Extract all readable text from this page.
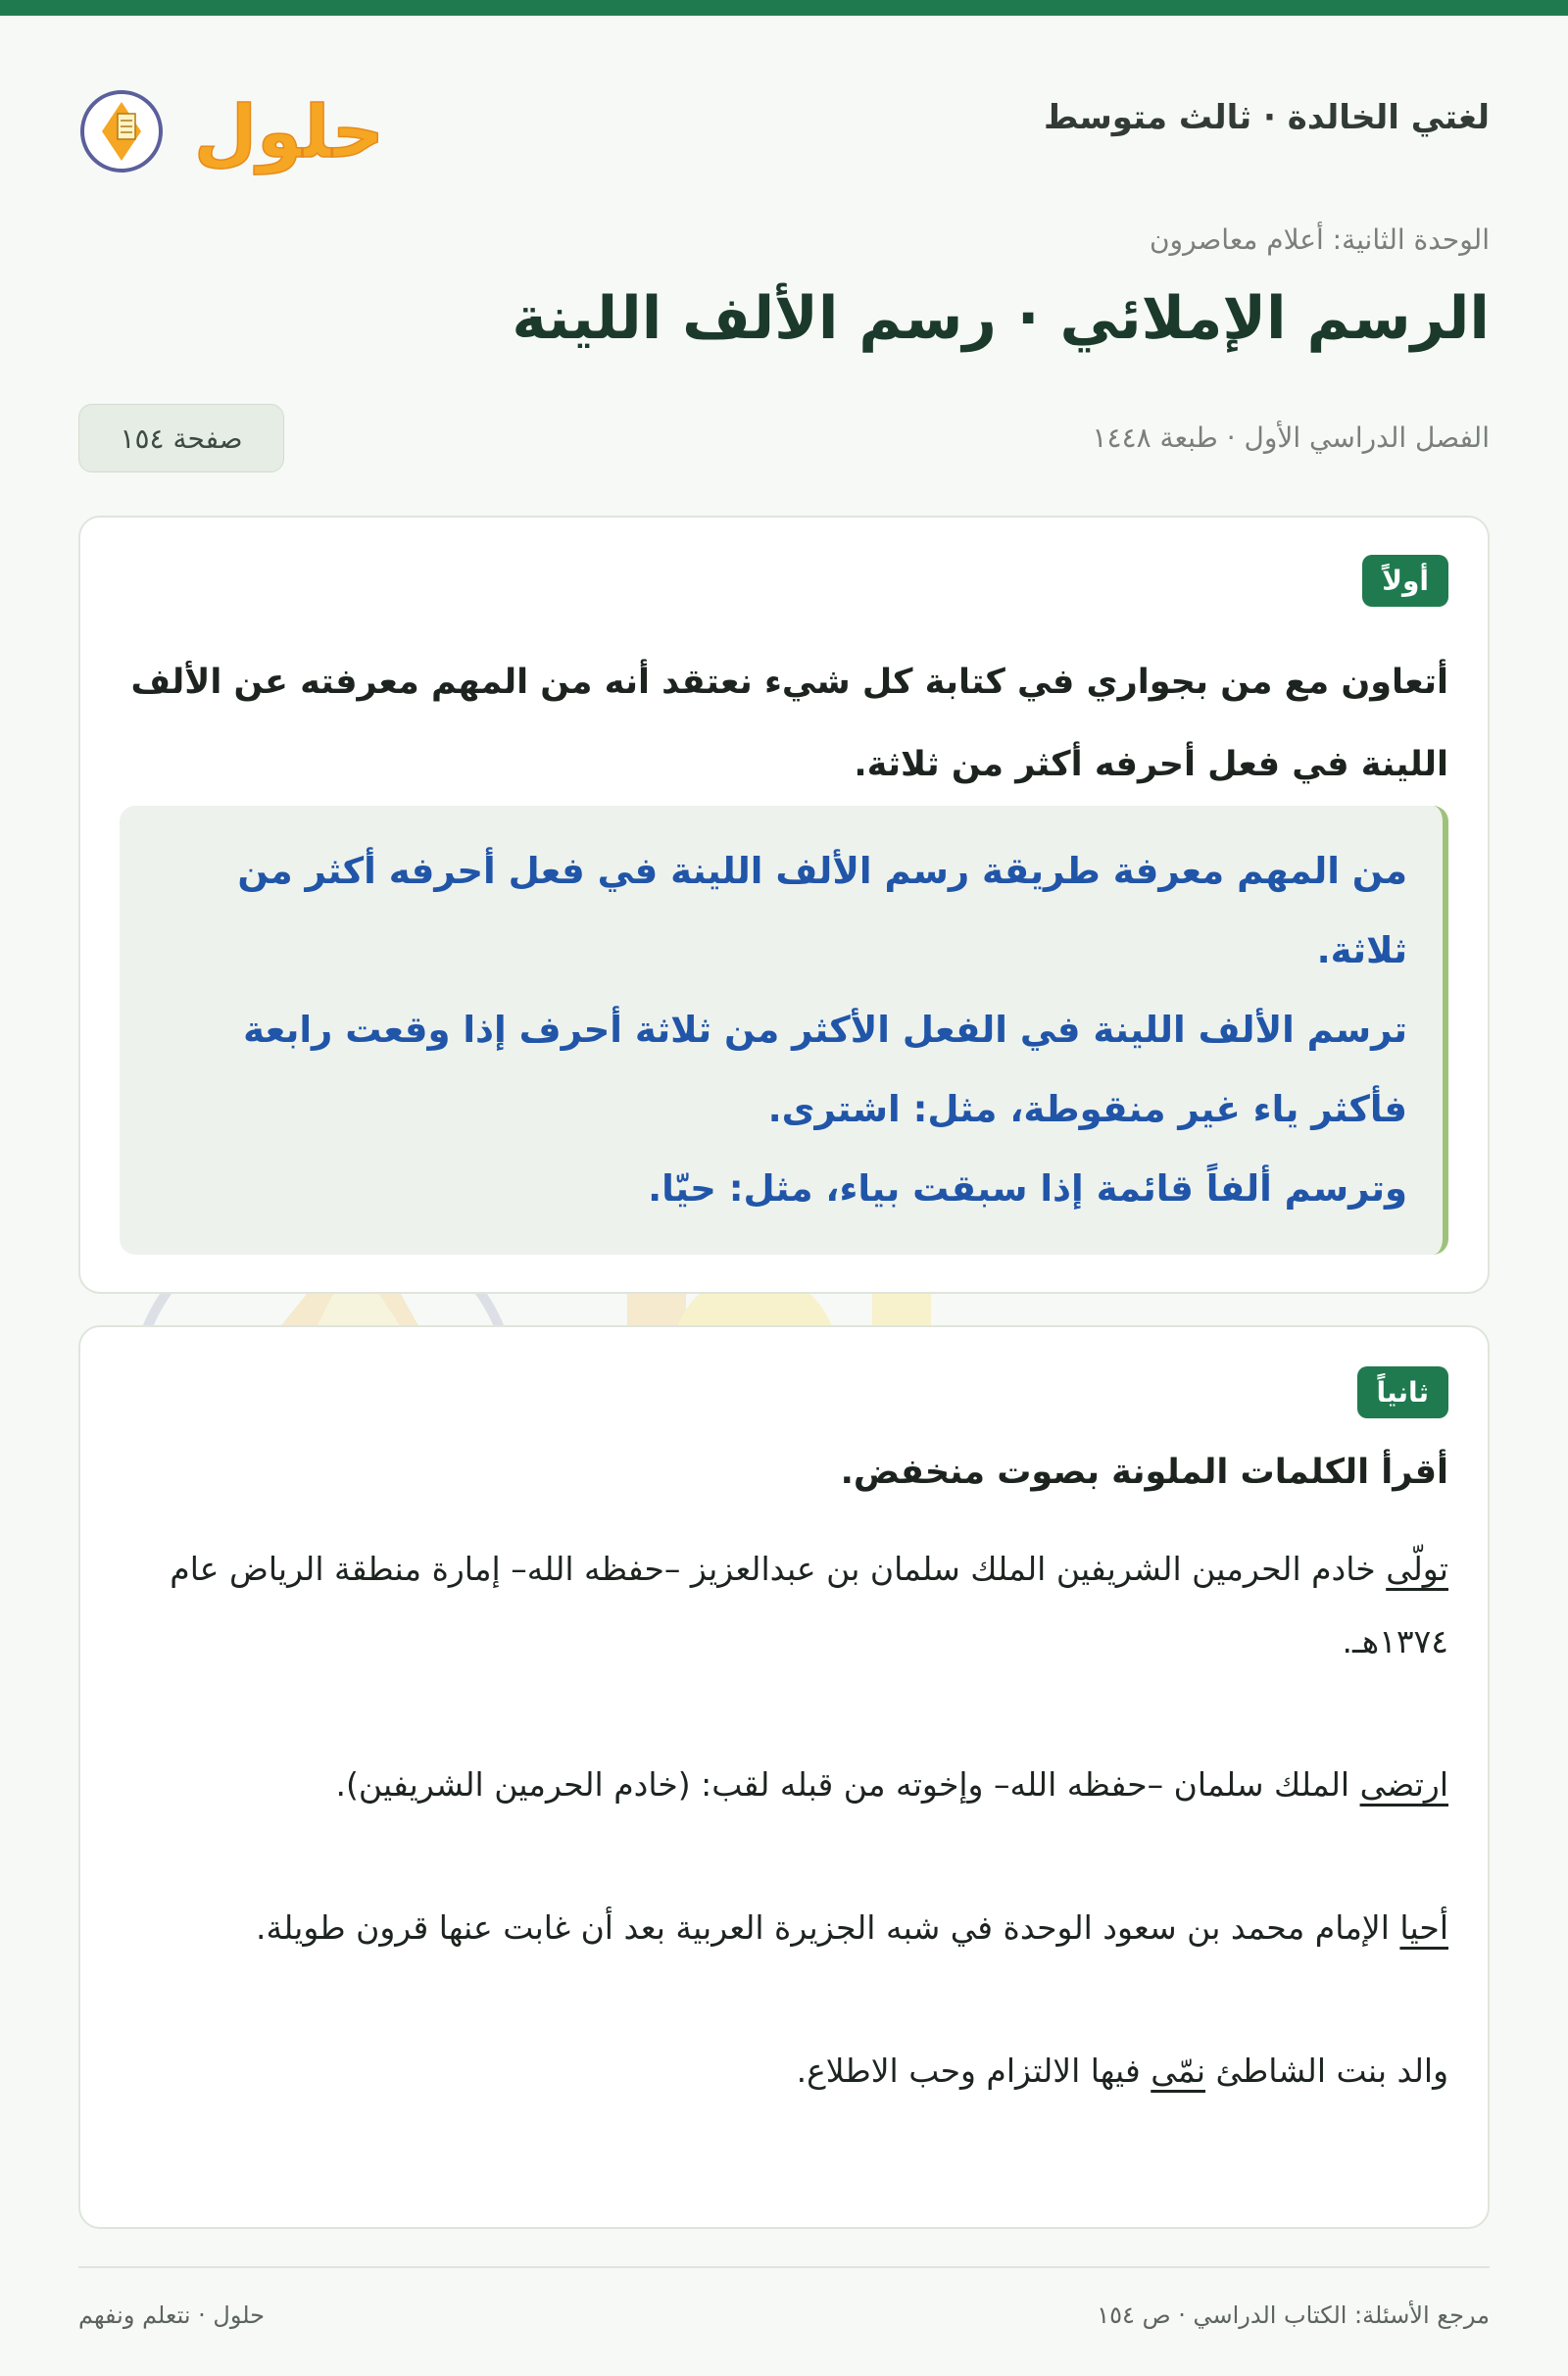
حلول	لغتي الخالدة · ثالث متوسط
الوحدة الثانية: أعلام معاصرون
الرسم الإملائي · رسم الألف اللينة
الفصل الدراسي الأول · طبعة ١٤٤٨
صفحة ١٥٤
أولاً

أتعاون مع من بجواري في كتابة كل شيء نعتقد أنه من المهم معرفته عن الألف اللينة في فعل أحرفه أكثر من ثلاثة.

من المهم معرفة طريقة رسم الألف اللينة في فعل أحرفه أكثر من ثلاثة.

ترسم الألف اللينة في الفعل الأكثر من ثلاثة أحرف إذا وقعت رابعة فأكثر ياء غير منقوطة، مثل: اشترى.

وترسم ألفاً قائمة إذا سبقت بياء، مثل: حيّا.

ثانياً

أقرأ الكلمات الملونة بصوت منخفض.

تولّى خادم الحرمين الشريفين الملك سلمان بن عبدالعزيز –حفظه الله– إمارة منطقة الرياض عام ١٣٧٤هـ.

ارتضى الملك سلمان –حفظه الله– وإخوته من قبله لقب: (خادم الحرمين الشريفين).

أحيا الإمام محمد بن سعود الوحدة في شبه الجزيرة العربية بعد أن غابت عنها قرون طويلة.

والد بنت الشاطئ نمّى فيها الالتزام وحب الاطلاع.

مرجع الأسئلة: الكتاب الدراسي · ص ١٥٤
حلول · نتعلم ونفهم
